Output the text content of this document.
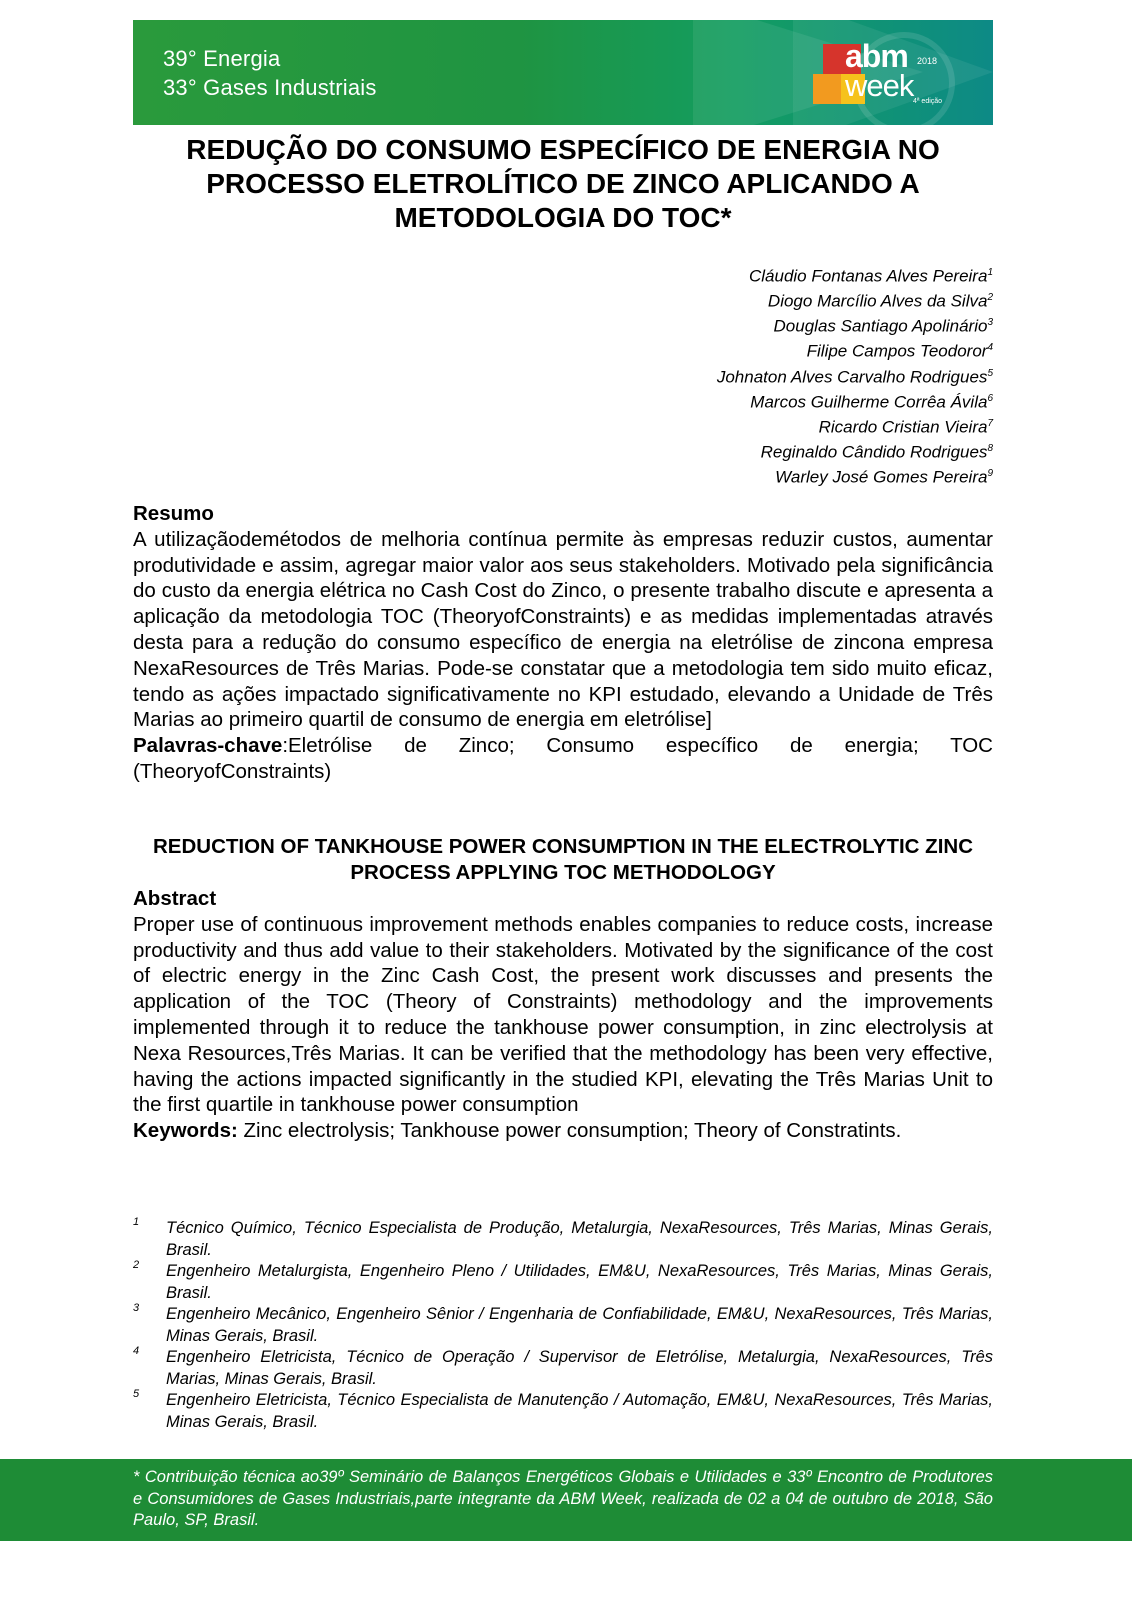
39° Energia
33° Gases Industriais
abm
week
2018
4ª edição
REDUÇÃO DO CONSUMO ESPECÍFICO DE ENERGIA NO PROCESSO ELETROLÍTICO DE ZINCO APLICANDO A METODOLOGIA DO TOC*
Cláudio Fontanas Alves Pereira$^1$
Diogo Marcílio Alves da Silva$^2$
Douglas Santiago Apolinário$^3$
Filipe Campos Teodoror$^4$
Johnaton Alves Carvalho Rodrigues$^5$
Marcos Guilherme Corrêa Ávila$^6$
Ricardo Cristian Vieira$^7$
Reginaldo Cândido Rodrigues$^8$
Warley José Gomes Pereira$^9$
Resumo
A utilizaçãodemétodos de melhoria contínua permite às empresas reduzir custos, aumentar produtividade e assim, agregar maior valor aos seus stakeholders. Motivado pela significância do custo da energia elétrica no Cash Cost do Zinco, o presente trabalho discute e apresenta a aplicação da metodologia TOC (TheoryofConstraints) e as medidas implementadas através desta para a redução do consumo específico de energia na eletrólise de zincona empresa NexaResources de Três Marias. Pode-se constatar que a metodologia tem sido muito eficaz, tendo as ações impactado significativamente no KPI estudado, elevando a Unidade de Três Marias ao primeiro quartil de consumo de energia em eletrólise]
Palavras-chave:Eletrólise de Zinco; Consumo específico de energia; TOC (TheoryofConstraints)
REDUCTION OF TANKHOUSE POWER CONSUMPTION IN THE ELECTROLYTIC ZINC PROCESS APPLYING TOC METHODOLOGY
Abstract
Proper use of continuous improvement methods enables companies to reduce costs, increase productivity and thus add value to their stakeholders. Motivated by the significance of the cost of electric energy in the Zinc Cash Cost, the present work discusses and presents the application of the TOC (Theory of Constraints) methodology and the improvements implemented through it to reduce the tankhouse power consumption, in zinc electrolysis at Nexa Resources,Três Marias. It can be verified that the methodology has been very effective, having the actions impacted significantly in the studied KPI, elevating the Três Marias Unit to the first quartile in tankhouse power consumption
Keywords: Zinc electrolysis; Tankhouse power consumption; Theory of Constratints.
1 Técnico Químico, Técnico Especialista de Produção, Metalurgia, NexaResources, Três Marias, Minas Gerais, Brasil.
2 Engenheiro Metalurgista, Engenheiro Pleno / Utilidades, EM&U, NexaResources, Três Marias, Minas Gerais, Brasil.
3 Engenheiro Mecânico, Engenheiro Sênior / Engenharia de Confiabilidade, EM&U, NexaResources, Três Marias, Minas Gerais, Brasil.
4 Engenheiro Eletricista, Técnico de Operação / Supervisor de Eletrólise, Metalurgia, NexaResources, Três Marias, Minas Gerais, Brasil.
5 Engenheiro Eletricista, Técnico Especialista de Manutenção / Automação, EM&U, NexaResources, Três Marias, Minas Gerais, Brasil.
* Contribuição técnica ao39º Seminário de Balanços Energéticos Globais e Utilidades e 33º Encontro de Produtores e Consumidores de Gases Industriais,parte integrante da ABM Week, realizada de 02 a 04 de outubro de 2018, São Paulo, SP, Brasil.
